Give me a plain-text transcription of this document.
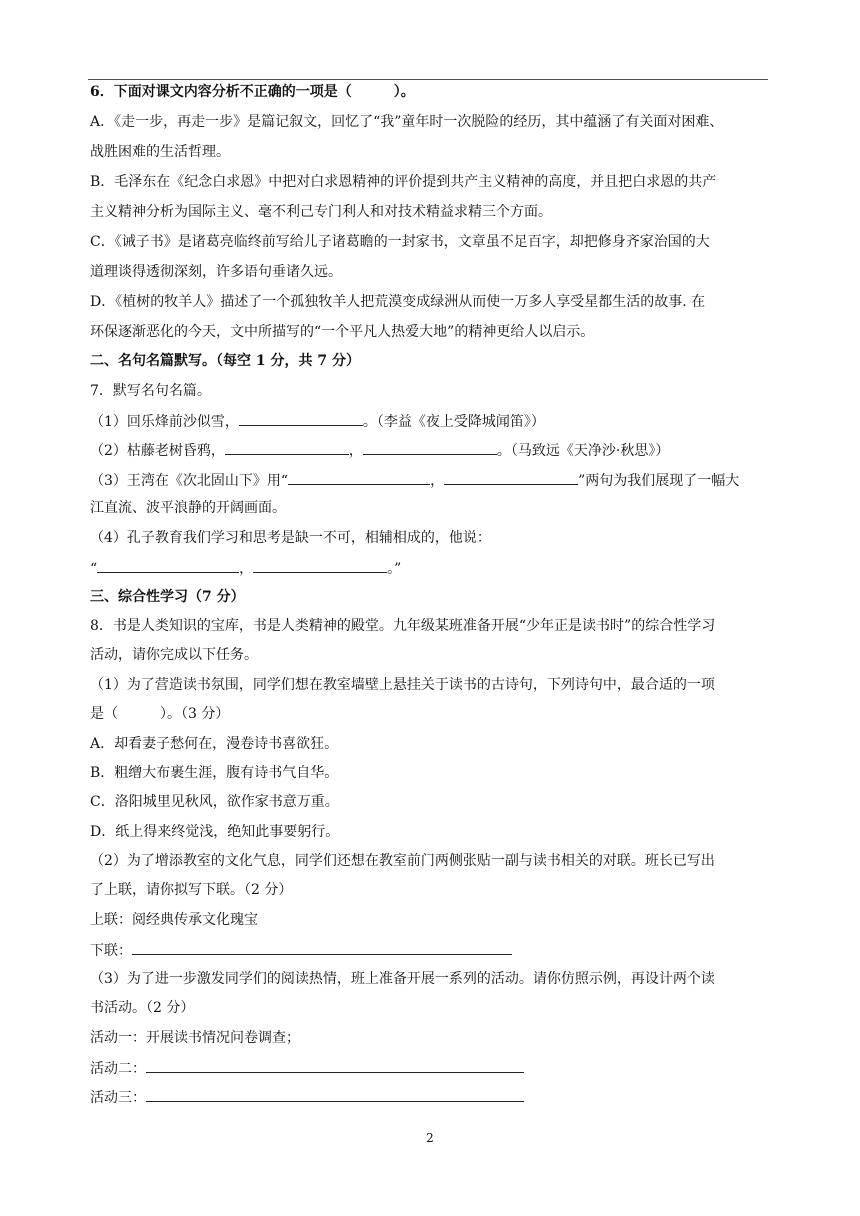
6．下面对课文内容分析不正确的一项是（　　　）。
A．《走一步，再走一步》是篇记叙文，回忆了“我”童年时一次脱险的经历，其中蕴涵了有关面对困难、
战胜困难的生活哲理。
B．毛泽东在《纪念白求恩》中把对白求恩精神的评价提到共产主义精神的高度，并且把白求恩的共产
主义精神分析为国际主义、毫不利己专门利人和对技术精益求精三个方面。
C．《诫子书》是诸葛亮临终前写给儿子诸葛瞻的一封家书，文章虽不足百字，却把修身齐家治国的大
道理谈得透彻深刻，许多语句垂诸久远。
D．《植树的牧羊人》描述了一个孤独牧羊人把荒漠变成绿洲从而使一万多人享受星都生活的故事. 在
环保逐渐恶化的今天，文中所描写的“一个平凡人热爱大地”的精神更给人以启示。
二、名句名篇默写。（每空 1 分，共 7 分）
7．默写名句名篇。
（1）回乐烽前沙似雪，	。（李益《夜上受降城闻笛》）
（2）枯藤老树昏鸦，	，	。（马致远《天净沙·秋思》）
（3）王湾在《次北固山下》用“	，	”两句为我们展现了一幅大
江直流、波平浪静的开阔画面。
（4）孔子教育我们学习和思考是缺一不可，相辅相成的，他说：
“	，	。”
三、综合性学习（7 分）
8．书是人类知识的宝库，书是人类精神的殿堂。九年级某班准备开展“少年正是读书时”的综合性学习
活动，请你完成以下任务。
（1）为了营造读书氛围，同学们想在教室墙壁上悬挂关于读书的古诗句，下列诗句中，最合适的一项
是（　　　）。（3 分）
A．却看妻子愁何在，漫卷诗书喜欲狂。
B．粗缯大布裹生涯，腹有诗书气自华。
C．洛阳城里见秋风，欲作家书意万重。
D．纸上得来终觉浅，绝知此事要躬行。
（2）为了增添教室的文化气息，同学们还想在教室前门两侧张贴一副与读书相关的对联。班长已写出
了上联，请你拟写下联。（2 分）
上联：阅经典传承文化瑰宝
下联：
（3）为了进一步激发同学们的阅读热情，班上准备开展一系列的活动。请你仿照示例，再设计两个读
书活动。（2 分）
活动一：开展读书情况问卷调查；
活动二：
活动三：
2
